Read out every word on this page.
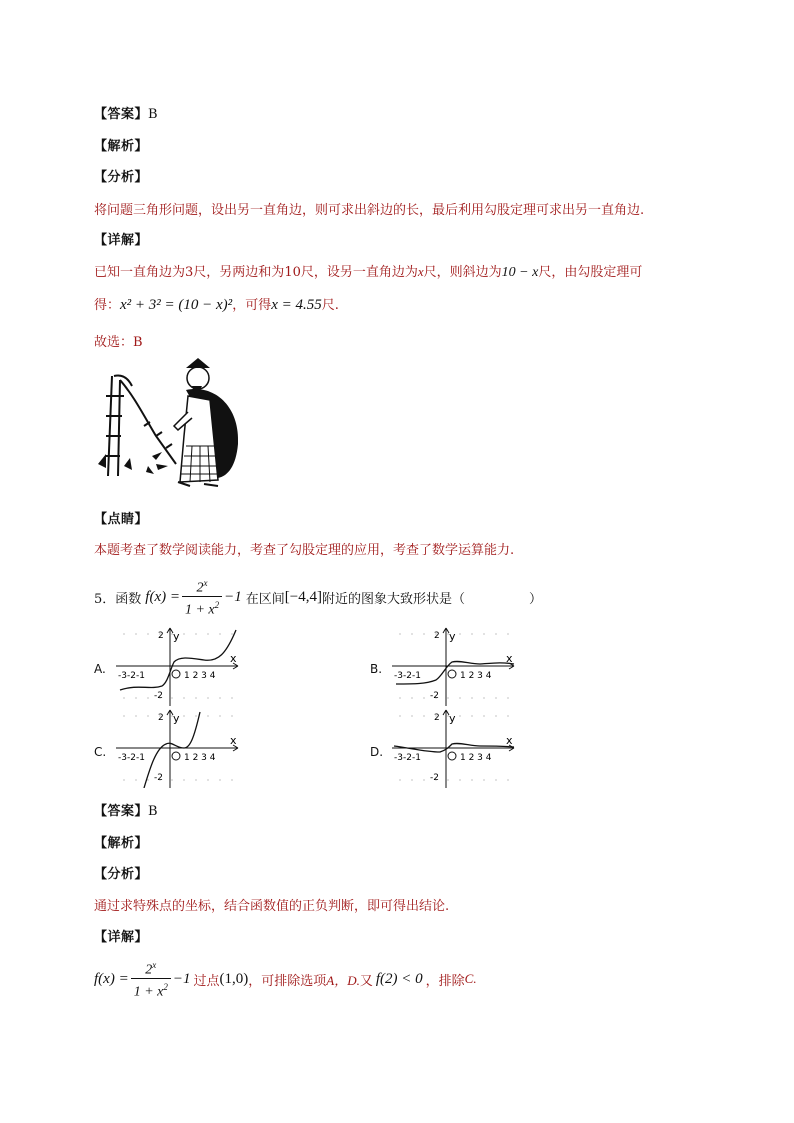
【答案】B
【解析】
【分析】
将问题三角形问题，设出另一直角边，则可求出斜边的长，最后利用勾股定理可求出另一直角边.
【详解】
已知一直角边为3尺，另两边和为10尺，设另一直角边为x尺，则斜边为10 − x尺，由勾股定理可
得：x² + 3² = (10 − x)²，可得x = 4.55尺.
故选：B
【点睛】
本题考查了数学阅读能力，考查了勾股定理的应用，考查了数学运算能力.
5．函数 $f(x) = \frac{2^x}{1 + x^2} -1$ 在区间 [−4,4] 附近的图象大致形状是（	）
A.
x
y
2
-2
-3-2-1	O 1 2 3 4	B.
x
y
2
-2
-3-2-1	O 1 2 3 4
C.
x
y
2
-2
-3-2-1	O 1 2 3 4	D.
x
y
2
-2
-3-2-1	O 1 2 3 4
【答案】B
【解析】
【分析】
通过求特殊点的坐标，结合函数值的正负判断，即可得出结论.
【详解】
$f(x) = \frac{2^x}{1 + x^2} -1$ 过点 (1,0) ，可排除选项 A，D. 又 f(2) < 0 ，排除 C.
